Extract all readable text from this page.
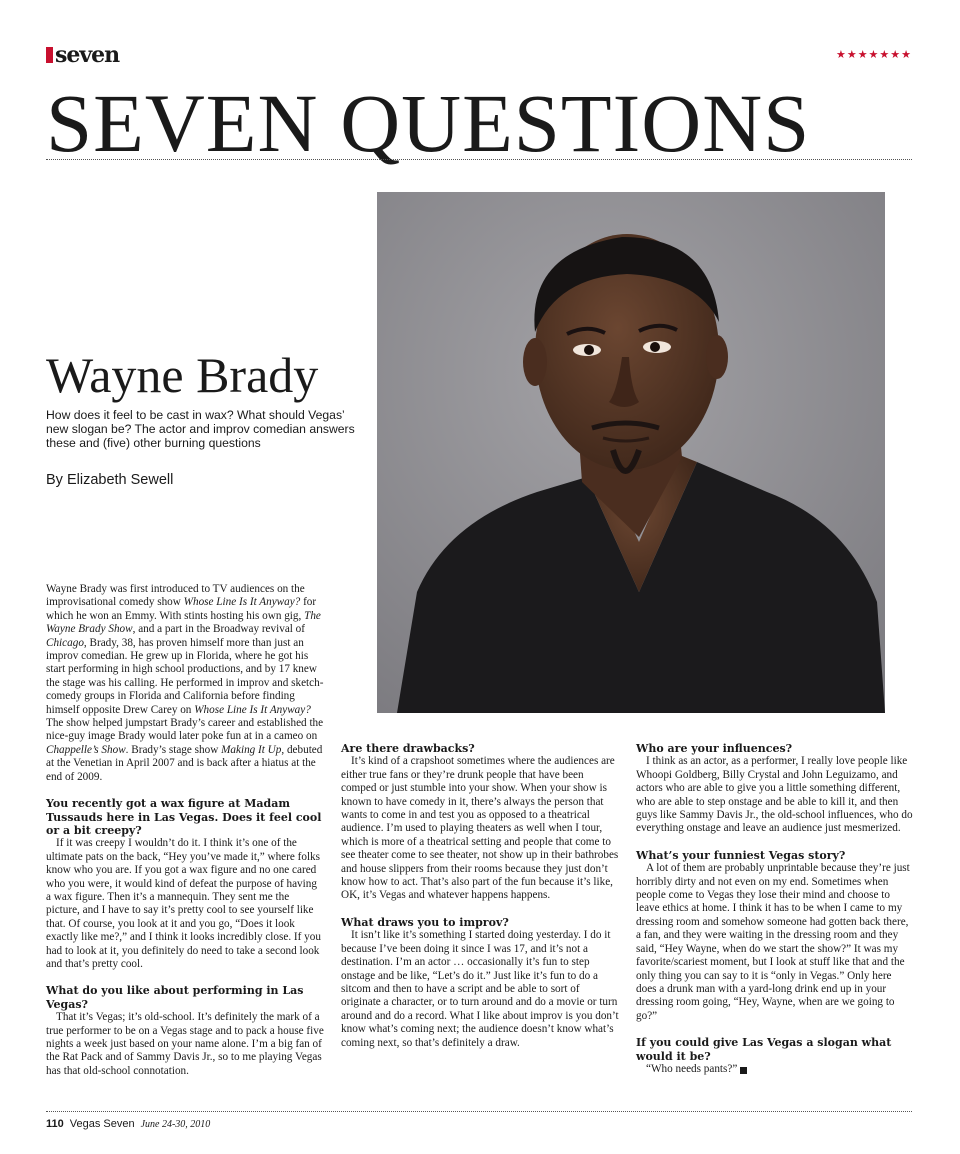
seven	★★★★★★★
SEVEN QUESTIONS
Wayne Brady
How does it feel to be cast in wax? What should Vegas’ new slogan be? The actor and improv comedian answers these and (five) other burning questions
By Elizabeth Sewell

Wayne Brady was first introduced to TV audiences on the improvisational comedy show Whose Line Is It Anyway? for which he won an Emmy. With stints hosting his own gig, The Wayne Brady Show, and a part in the Broadway revival of Chicago, Brady, 38, has proven himself more than just an improv comedian. He grew up in Florida, where he got his start performing in high school productions, and by 17 knew the stage was his calling. He performed in improv and sketch-comedy groups in Florida and California before finding himself opposite Drew Carey on Whose Line Is It Anyway? The show helped jumpstart Brady’s career and established the nice-guy image Brady would later poke fun at in a cameo on Chappelle’s Show. Brady’s stage show Making It Up, debuted at the Venetian in April 2007 and is back after a hiatus at the end of 2009.

You recently got a wax figure at Madam Tussauds here in Las Vegas. Does it feel cool or a bit creepy?

If it was creepy I wouldn’t do it. I think it’s one of the ultimate pats on the back, “Hey you’ve made it,” where folks know who you are. If you got a wax figure and no one cared who you were, it would kind of defeat the purpose of having a wax figure. Then it’s a mannequin. They sent me the picture, and I have to say it’s pretty cool to see yourself like that. Of course, you look at it and you go, “Does it look exactly like me?,” and I think it looks incredibly close. If you had to look at it, you definitely do need to take a second look and that’s pretty cool.

What do you like about performing in Las Vegas?

That it’s Vegas; it’s old-school. It’s definitely the mark of a true performer to be on a Vegas stage and to pack a house five nights a week just based on your name alone. I’m a big fan of the Rat Pack and of Sammy Davis Jr., so to me playing Vegas has that old-school connotation.

Are there drawbacks?

It’s kind of a crapshoot sometimes where the audiences are either true fans or they’re drunk people that have been comped or just stumble into your show. When your show is known to have comedy in it, there’s always the person that wants to come in and test you as opposed to a theatrical audience. I’m used to playing theaters as well when I tour, which is more of a theatrical setting and people that come to see theater come to see theater, not show up in their bathrobes and house slippers from their rooms because they just don’t know how to act. That’s also part of the fun because it’s like, OK, it’s Vegas and whatever happens happens.

What draws you to improv?

It isn’t like it’s something I started doing yesterday. I do it because I’ve been doing it since I was 17, and it’s not a destination. I’m an actor … occasionally it’s fun to step onstage and be like, “Let’s do it.” Just like it’s fun to do a sitcom and then to have a script and be able to sort of originate a character, or to turn around and do a movie or turn around and do a record. What I like about improv is you don’t know what’s coming next; the audience doesn’t know what’s coming next, so that’s definitely a draw.

Who are your influences?

I think as an actor, as a performer, I really love people like Whoopi Goldberg, Billy Crystal and John Leguizamo, and actors who are able to give you a little something different, who are able to step onstage and be able to kill it, and then guys like Sammy Davis Jr., the old-school influences, who do everything onstage and leave an audience just mesmerized.

What’s your funniest Vegas story?

A lot of them are probably unprintable because they’re just horribly dirty and not even on my end. Sometimes when people come to Vegas they lose their mind and choose to leave ethics at home. I think it has to be when I came to my dressing room and somehow someone had gotten back there, a fan, and they were waiting in the dressing room and they said, “Hey Wayne, when do we start the show?” It was my favorite/scariest moment, but I look at stuff like that and the only thing you can say to it is “only in Vegas.” Only here does a drunk man with a yard-long drink end up in your dressing room going, “Hey, Wayne, when are we going to go?”

If you could give Las Vegas a slogan what would it be?

“Who needs pants?” 7

110 Vegas Seven June 24-30, 2010
